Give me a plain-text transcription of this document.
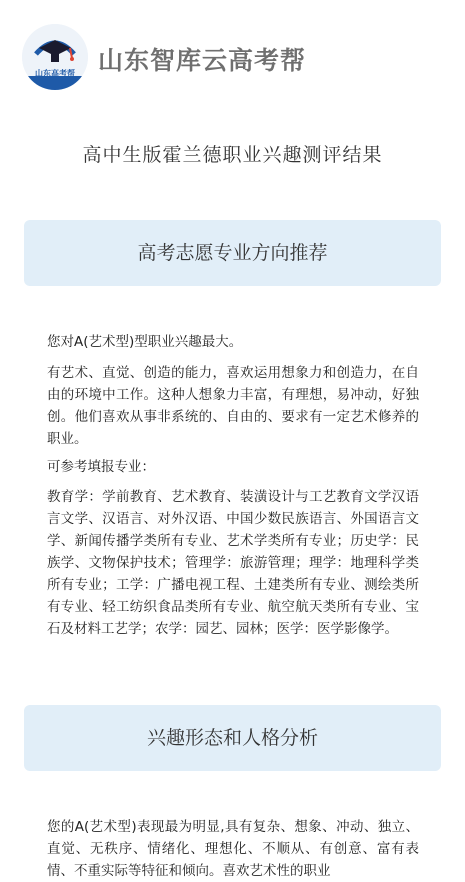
山东高考帮 山东智库云高考帮
高中生版霍兰德职业兴趣测评结果
高考志愿专业方向推荐
您对A(艺术型)型职业兴趣最大。
有艺术、直觉、创造的能力，喜欢运用想象力和创造力，在自由的环境中工作。这种人想象力丰富，有理想，易冲动，好独创。他们喜欢从事非系统的、自由的、要求有一定艺术修养的职业。
可参考填报专业：
教育学：学前教育、艺术教育、装潢设计与工艺教育文学汉语言文学、汉语言、对外汉语、中国少数民族语言、外国语言文学、新闻传播学类所有专业、艺术学类所有专业；历史学：民族学、文物保护技术；管理学：旅游管理；理学：地理科学类所有专业；工学：广播电视工程、土建类所有专业、测绘类所有专业、轻工纺织食品类所有专业、航空航天类所有专业、宝石及材料工艺学；农学：园艺、园林；医学：医学影像学。
兴趣形态和人格分析
您的A(艺术型)表现最为明显,具有复杂、想象、冲动、独立、直觉、无秩序、情绪化、理想化、不顺从、有创意、富有表情、不重实际等特征和倾向。喜欢艺术性的职业
